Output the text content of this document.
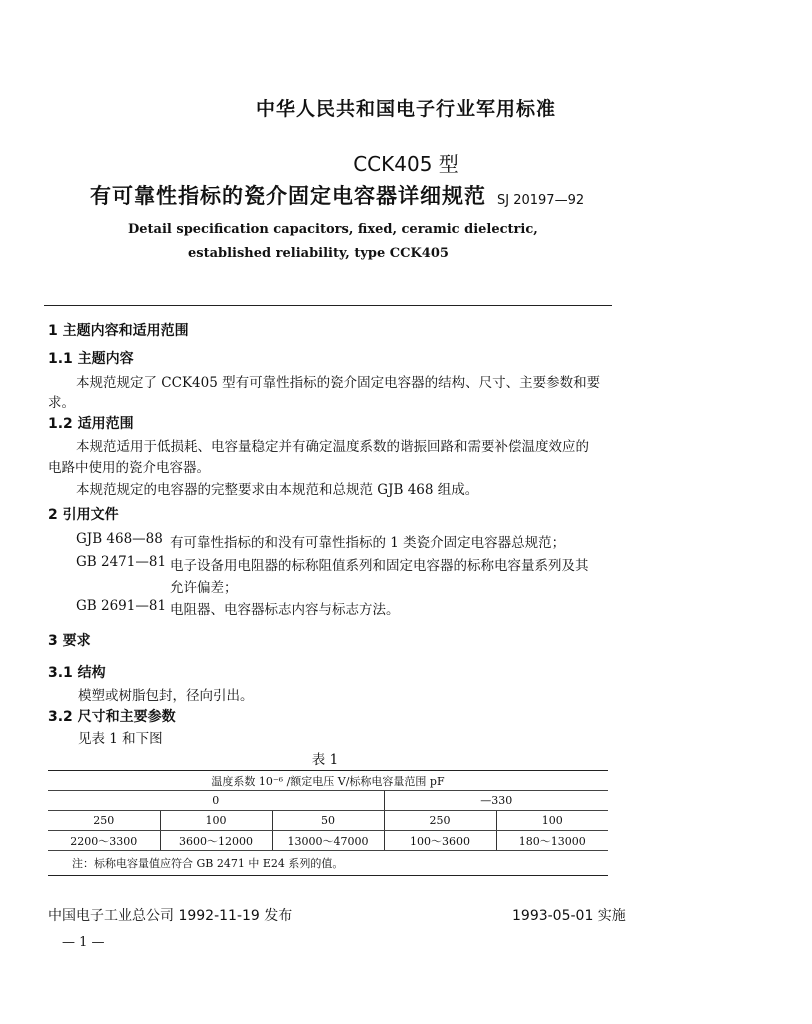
中华人民共和国电子行业军用标准
CCK405 型
有可靠性指标的瓷介固定电容器详细规范 SJ 20197—92
Detail specification capacitors, fixed, ceramic dielectric,
established reliability, type CCK405
1 主题内容和适用范围
1.1 主题内容
本规范规定了 CCK405 型有可靠性指标的瓷介固定电容器的结构、尺寸、主要参数和要
求。
1.2 适用范围
本规范适用于低损耗、电容量稳定并有确定温度系数的谐振回路和需要补偿温度效应的
电路中使用的瓷介电容器。
本规范规定的电容器的完整要求由本规范和总规范 GJB 468 组成。
2 引用文件
GJB 468—88 有可靠性指标的和没有可靠性指标的 1 类瓷介固定电容器总规范；
GB 2471—81 电子设备用电阻器的标称阻值系列和固定电容器的标称电容量系列及其
允许偏差；
GB 2691—81 电阻器、电容器标志内容与标志方法。
3 要求
3.1 结构
模塑或树脂包封，径向引出。
3.2 尺寸和主要参数
见表 1 和下图
表 1
温度系数 10⁻⁶ /额定电压 V/标称电容量范围 pF				
0			—330	
250	100	50	250	100
2200～3300	3600～12000	13000～47000	100～3600	180～13000
注：标称电容量值应符合 GB 2471 中 E24 系列的值。				
中国电子工业总公司 1992-11-19 发布	1993-05-01 实施
— 1 —
